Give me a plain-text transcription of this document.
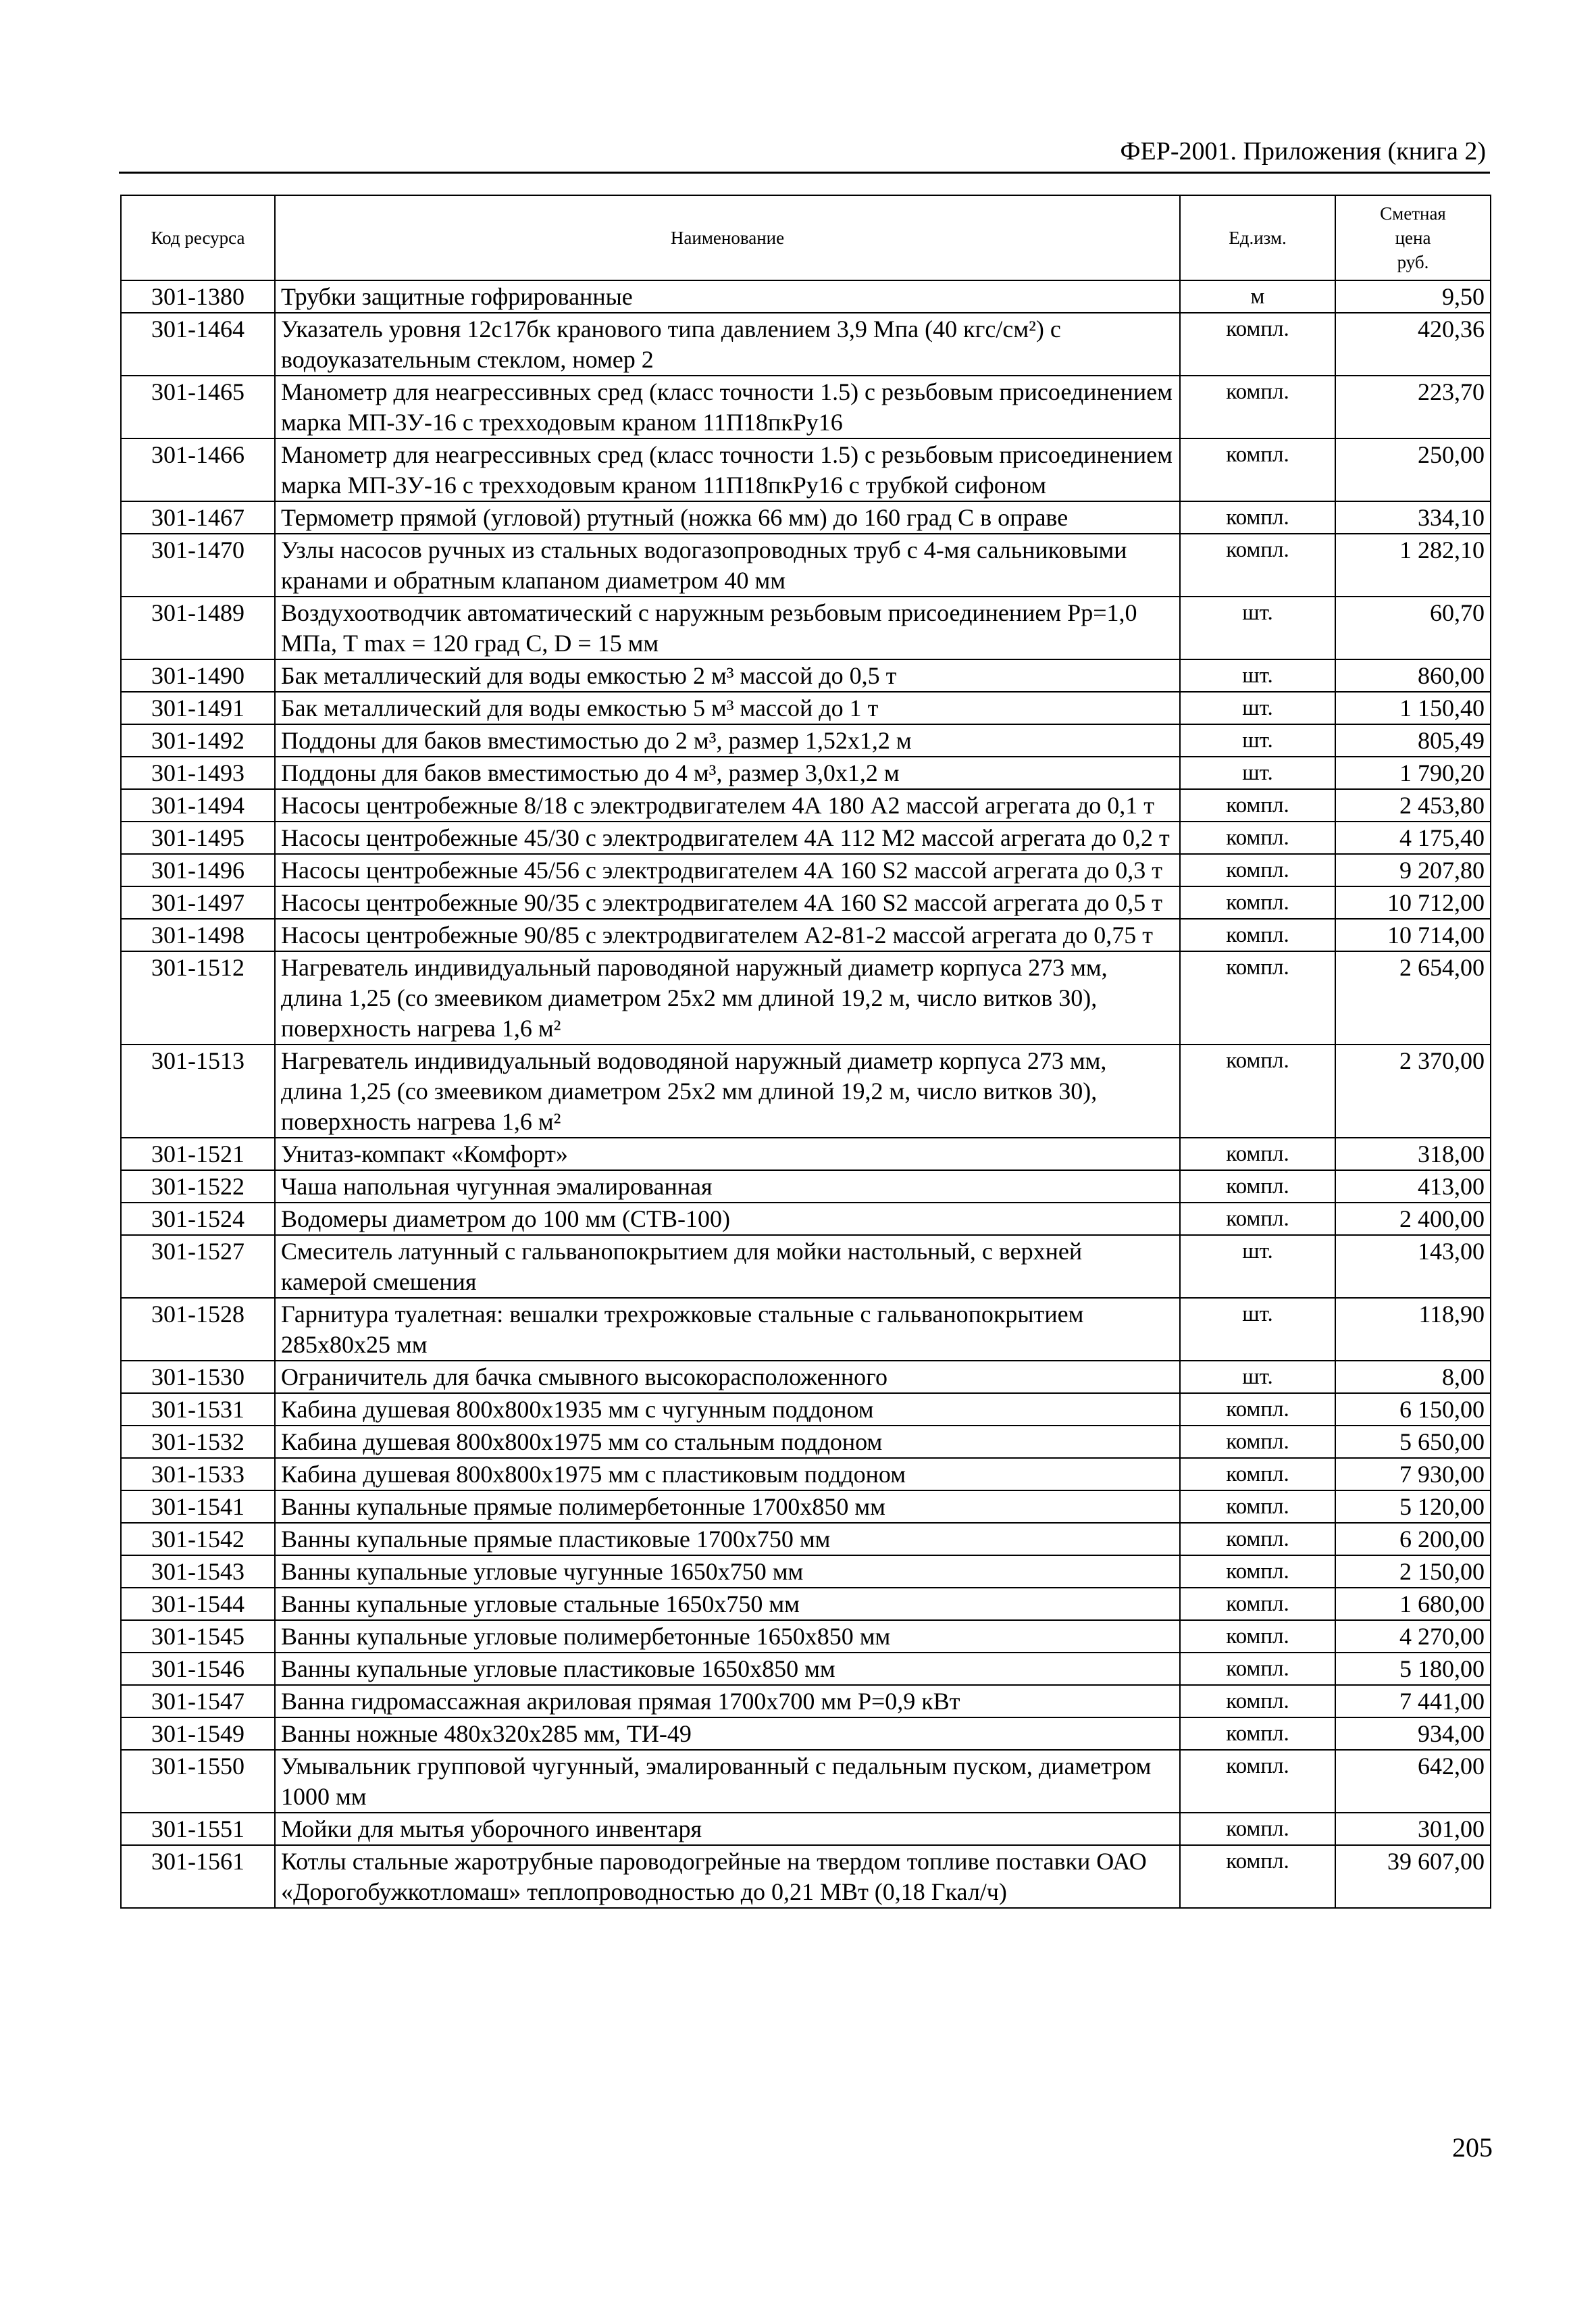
ФЕР-2001. Приложения (книга 2)
Код ресурса	Наименование	Ед.изм.	Сметная
цена
руб.
301-1380	Трубки защитные гофрированные	м	9,50
301-1464	Указатель уровня 12с17бк кранового типа давлением 3,9 Мпа (40 кгс/см²) с водоуказательным стеклом, номер 2	компл.	420,36
301-1465	Манометр для неагрессивных сред (класс точности 1.5) с резьбовым присоединением марка МП-3У-16 с трехходовым краном 11П18пкРу16	компл.	223,70
301-1466	Манометр для неагрессивных сред (класс точности 1.5) с резьбовым присоединением марка МП-3У-16 с трехходовым краном 11П18пкРу16 с трубкой сифоном	компл.	250,00
301-1467	Термометр прямой (угловой) ртутный (ножка 66 мм) до 160 град С в оправе	компл.	334,10
301-1470	Узлы насосов ручных из стальных водогазопроводных труб с 4-мя сальниковыми кранами и обратным клапаном диаметром 40 мм	компл.	1 282,10
301-1489	Воздухоотводчик автоматический с наружным резьбовым присоединением Рр=1,0 МПа, Т max = 120 град С, D = 15 мм	шт.	60,70
301-1490	Бак металлический для воды емкостью 2 м³ массой до 0,5 т	шт.	860,00
301-1491	Бак металлический для воды емкостью 5 м³ массой до 1 т	шт.	1 150,40
301-1492	Поддоны для баков вместимостью до 2 м³, размер 1,52x1,2 м	шт.	805,49
301-1493	Поддоны для баков вместимостью до 4 м³, размер 3,0x1,2 м	шт.	1 790,20
301-1494	Насосы центробежные 8/18 с электродвигателем 4А 180 А2 массой агрегата до 0,1 т	компл.	2 453,80
301-1495	Насосы центробежные 45/30 с электродвигателем 4А 112 М2 массой агрегата до 0,2 т	компл.	4 175,40
301-1496	Насосы центробежные 45/56 с электродвигателем 4А 160 S2 массой агрегата до 0,3 т	компл.	9 207,80
301-1497	Насосы центробежные 90/35 с электродвигателем 4А 160 S2 массой агрегата до 0,5 т	компл.	10 712,00
301-1498	Насосы центробежные 90/85 с электродвигателем А2-81-2 массой агрегата до 0,75 т	компл.	10 714,00
301-1512	Нагреватель индивидуальный пароводяной наружный диаметр корпуса 273 мм, длина 1,25 (со змеевиком диаметром 25x2 мм длиной 19,2 м, число витков 30), поверхность нагрева 1,6 м²	компл.	2 654,00
301-1513	Нагреватель индивидуальный водоводяной наружный диаметр корпуса 273 мм, длина 1,25 (со змеевиком диаметром 25x2 мм длиной 19,2 м, число витков 30), поверхность нагрева 1,6 м²	компл.	2 370,00
301-1521	Унитаз-компакт «Комфорт»	компл.	318,00
301-1522	Чаша напольная чугунная эмалированная	компл.	413,00
301-1524	Водомеры диаметром до 100 мм (СТВ-100)	компл.	2 400,00
301-1527	Смеситель латунный с гальванопокрытием для мойки настольный, с верхней камерой смешения	шт.	143,00
301-1528	Гарнитура туалетная: вешалки трехрожковые стальные с гальванопокрытием 285x80x25 мм	шт.	118,90
301-1530	Ограничитель для бачка смывного высокорасположенного	шт.	8,00
301-1531	Кабина душевая 800x800x1935 мм с чугунным поддоном	компл.	6 150,00
301-1532	Кабина душевая 800x800x1975 мм со стальным поддоном	компл.	5 650,00
301-1533	Кабина душевая 800x800x1975 мм с пластиковым поддоном	компл.	7 930,00
301-1541	Ванны купальные прямые полимербетонные 1700x850 мм	компл.	5 120,00
301-1542	Ванны купальные прямые пластиковые 1700x750 мм	компл.	6 200,00
301-1543	Ванны купальные угловые чугунные 1650x750 мм	компл.	2 150,00
301-1544	Ванны купальные угловые стальные 1650x750 мм	компл.	1 680,00
301-1545	Ванны купальные угловые полимербетонные 1650x850 мм	компл.	4 270,00
301-1546	Ванны купальные угловые пластиковые 1650x850 мм	компл.	5 180,00
301-1547	Ванна гидромассажная акриловая прямая 1700x700 мм Р=0,9 кВт	компл.	7 441,00
301-1549	Ванны ножные 480x320x285 мм, ТИ-49	компл.	934,00
301-1550	Умывальник групповой чугунный, эмалированный с педальным пуском, диаметром 1000 мм	компл.	642,00
301-1551	Мойки для мытья уборочного инвентаря	компл.	301,00
301-1561	Котлы стальные жаротрубные пароводогрейные на твердом топливе поставки ОАО «Дорогобужкотломаш» теплопроводностью до 0,21 МВт (0,18 Гкал/ч)	компл.	39 607,00
205
